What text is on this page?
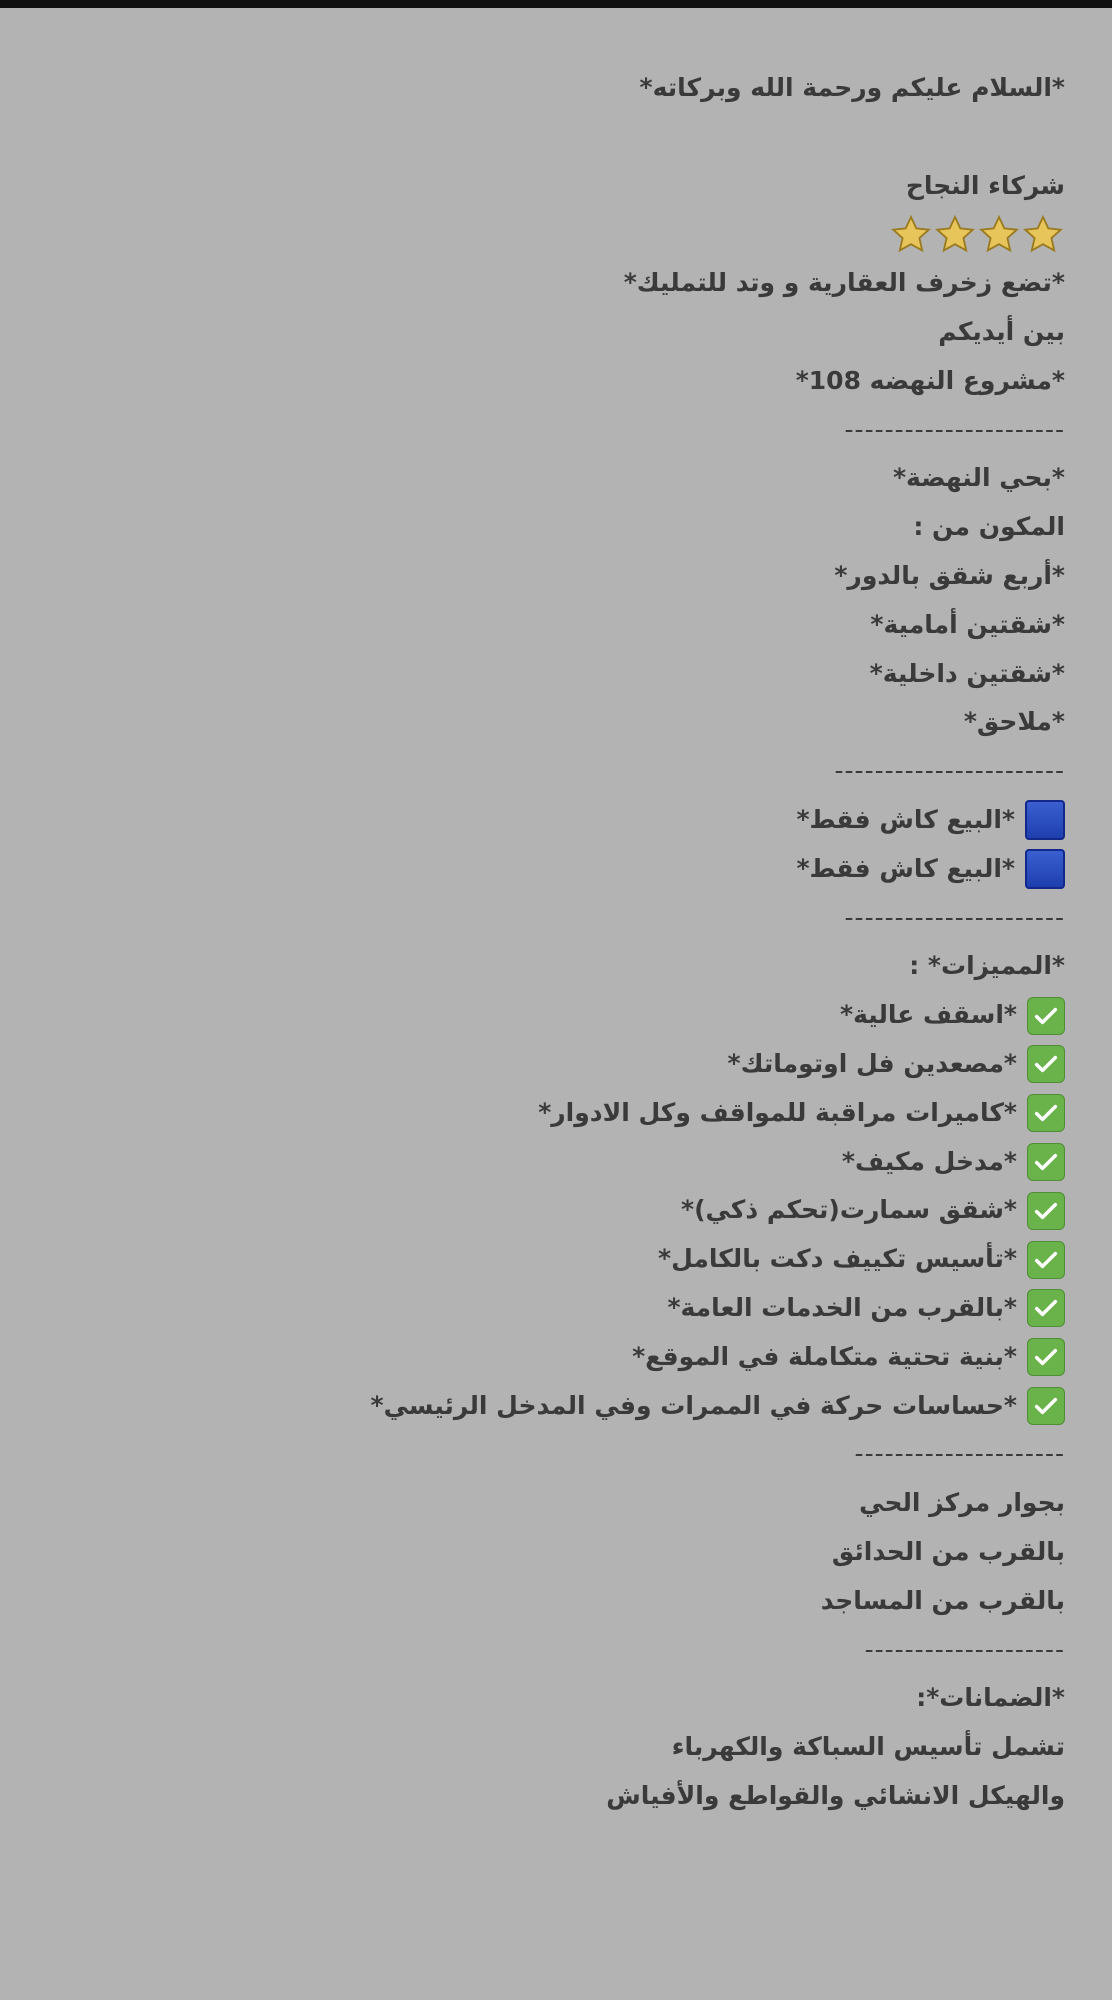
*السلام عليكم ورحمة الله وبركاته*
شركاء النجاح
*تضع زخرف العقارية و وتد للتمليك*
بين أيديكم
*مشروع النهضه 108*
----------------------
*بحي النهضة*
المكون من :
*أربع شقق بالدور*
*شقتين أمامية*
*شقتين داخلية*
*ملاحق*
-----------------------
*البيع كاش فقط*
*البيع كاش فقط*
----------------------
*المميزات* :
*اسقف عالية*
*مصعدين فل اوتوماتك*
*كاميرات مراقبة للمواقف وكل الادوار*
*مدخل مكيف*
*شقق سمارت(تحكم ذكي)*
*تأسيس تكييف دكت بالكامل*
*بالقرب من الخدمات العامة*
*بنية تحتية متكاملة في الموقع*
*حساسات حركة في الممرات وفي المدخل الرئيسي*
---------------------
بجوار مركز الحي
بالقرب من الحدائق
بالقرب من المساجد
--------------------
*الضمانات*:
تشمل تأسيس السباكة والكهرباء
والهيكل الانشائي والقواطع والأفياش
